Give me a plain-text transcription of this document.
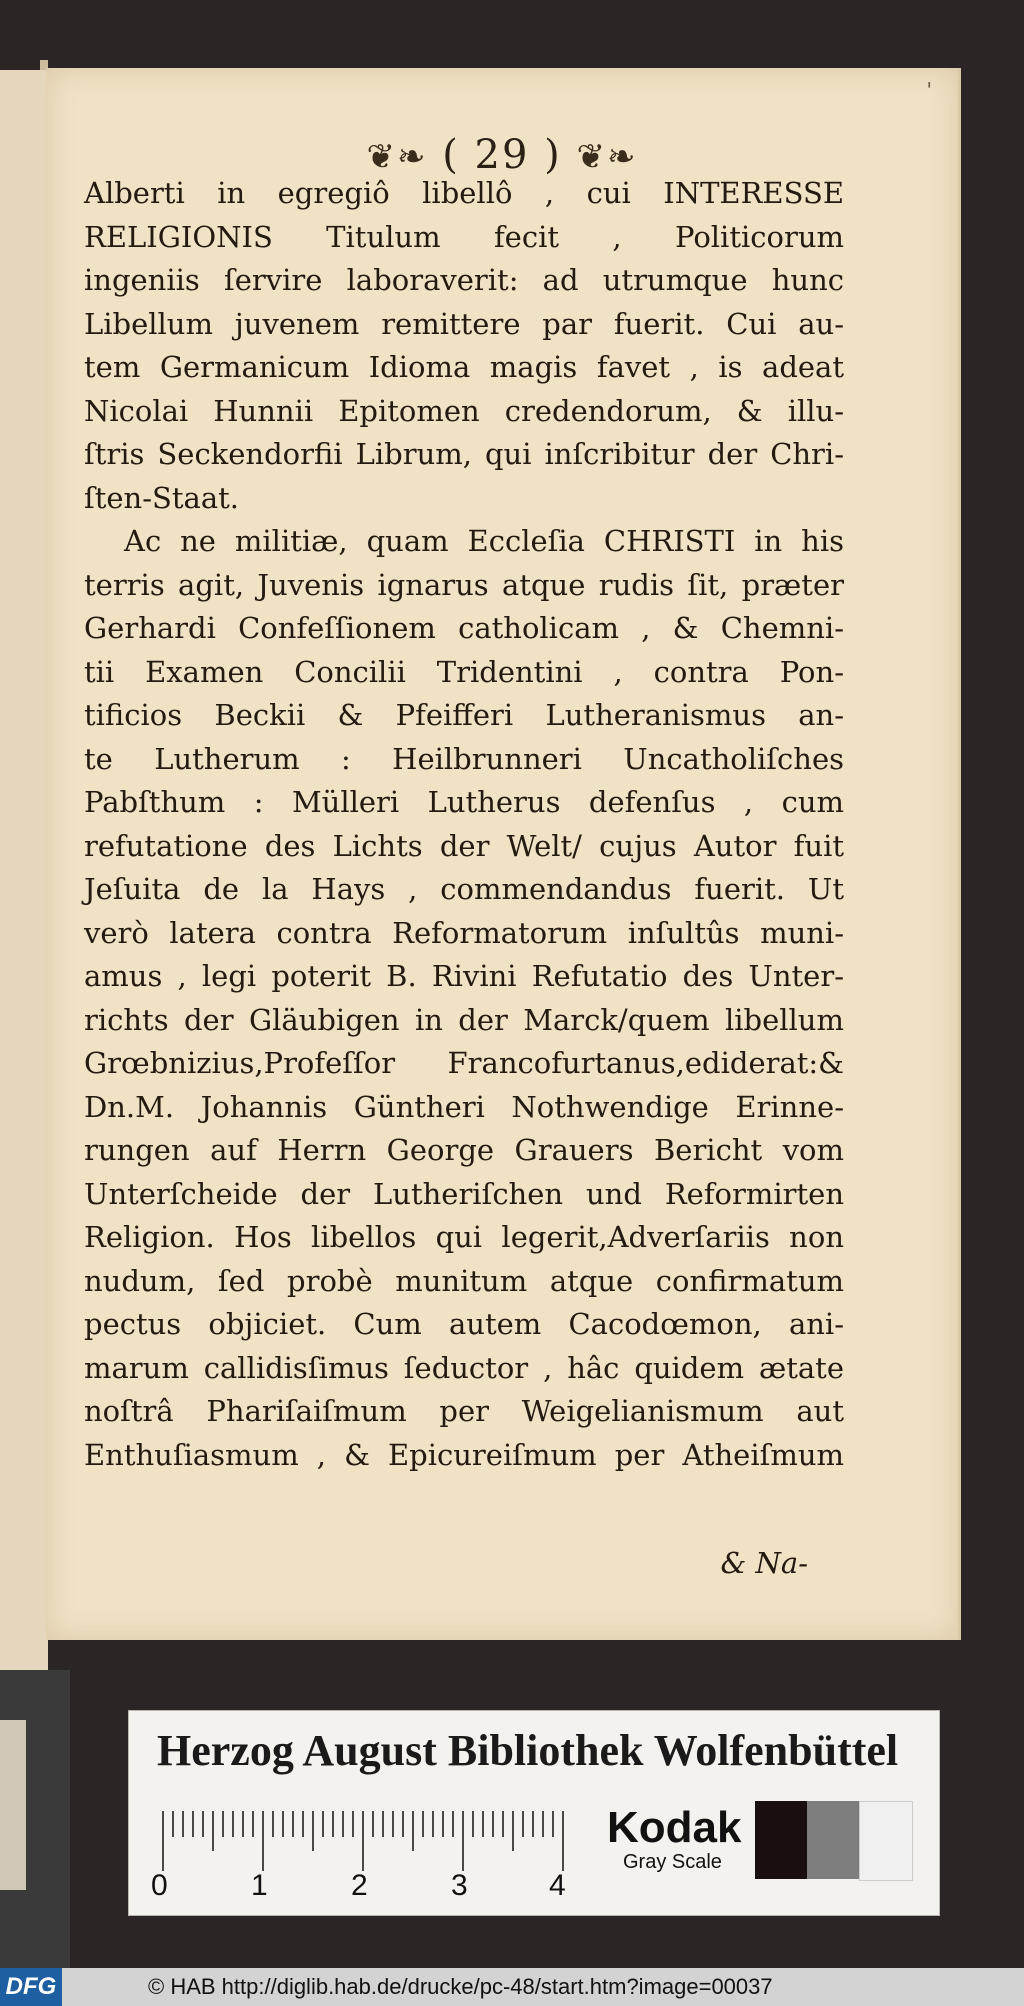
'
❦❧ ( 29 ) ❦❧
Alberti in egregiô libellô , cui INTERESSE
RELIGIONIS Titulum fecit , Politicorum
ingeniis ſervire laboraverit: ad utrumque hunc
Libellum juvenem remittere par fuerit. Cui au-
tem Germanicum Idioma magis favet , is adeat
Nicolai Hunnii Epitomen credendorum, & illu-
ſtris Seckendorfii Librum, qui inſcribitur der Chri-
ſten-Staat.
Ac ne militiæ, quam Eccleſia CHRISTI in his
terris agit, Juvenis ignarus atque rudis ſit, præter
Gerhardi Confeſſionem catholicam , & Chemni-
tii Examen Concilii Tridentini , contra Pon-
tificios Beckii & Pfeifferi Lutheranismus an-
te Lutherum : Heilbrunneri Uncatholiſches
Pabſthum : Mülleri Lutherus defenſus , cum
refutatione des Lichts der Welt/ cujus Autor fuit
Jeſuita de la Hays , commendandus fuerit. Ut
verò latera contra Reformatorum inſultûs muni-
amus , legi poterit B. Rivini Refutatio des Unter-
richts der Gläubigen in der Marck/quem libellum
Grœbnizius,Profeſſor Francofurtanus,ediderat:&
Dn.M. Johannis Güntheri Nothwendige Erinne-
rungen auf Herrn George Grauers Bericht vom
Unterſcheide der Lutheriſchen und Reformirten
Religion. Hos libellos qui legerit,Adverſariis non
nudum, ſed probè munitum atque confirmatum
pectus objiciet. Cum autem Cacodœmon, ani-
marum callidisſimus ſeductor , hâc quidem ætate
noſtrâ Phariſaiſmum per Weigelianismum aut
Enthuſiasmum , & Epicureiſmum per Atheiſmum
& Na-
Herzog August Bibliothek Wolfenbüttel
0	1	2	3	4
Kodak
Gray Scale
DFG	© HAB http://diglib.hab.de/drucke/pc-48/start.htm?image=00037
